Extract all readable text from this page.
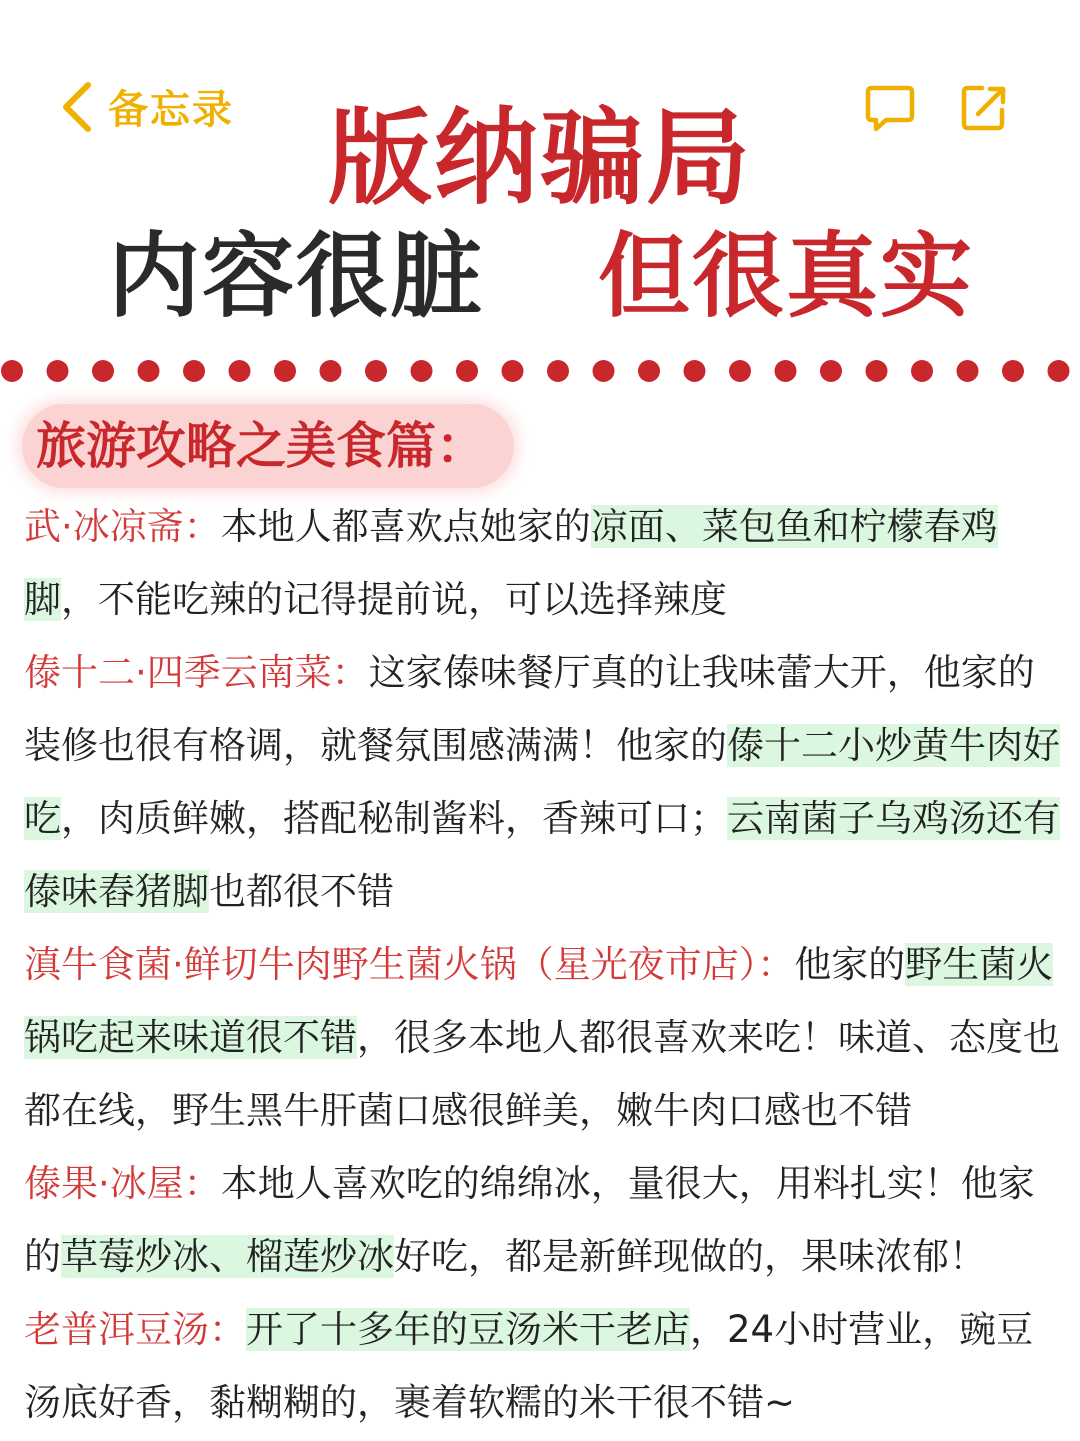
备忘录 版纳骗局
内容很脏 但很真实
旅游攻略之美食篇：

武·冰凉斋：本地人都喜欢点她家的凉面、菜包鱼和柠檬春鸡脚，不能吃辣的记得提前说，可以选择辣度

傣十二·四季云南菜：这家傣味餐厅真的让我味蕾大开，他家的装修也很有格调，就餐氛围感满满！他家的傣十二小炒黄牛肉好吃，肉质鲜嫩，搭配秘制酱料，香辣可口；云南菌子乌鸡汤还有傣味舂猪脚也都很不错

滇牛食菌·鲜切牛肉野生菌火锅（星光夜市店）：他家的野生菌火锅吃起来味道很不错，很多本地人都很喜欢来吃！味道、态度也都在线，野生黑牛肝菌口感很鲜美，嫩牛肉口感也不错

傣果·冰屋：本地人喜欢吃的绵绵冰，量很大，用料扎实！他家的草莓炒冰、榴莲炒冰好吃，都是新鲜现做的，果味浓郁！

老普洱豆汤：开了十多年的豆汤米干老店，24小时营业，豌豆汤底好香，黏糊糊的，裹着软糯的米干很不错~
